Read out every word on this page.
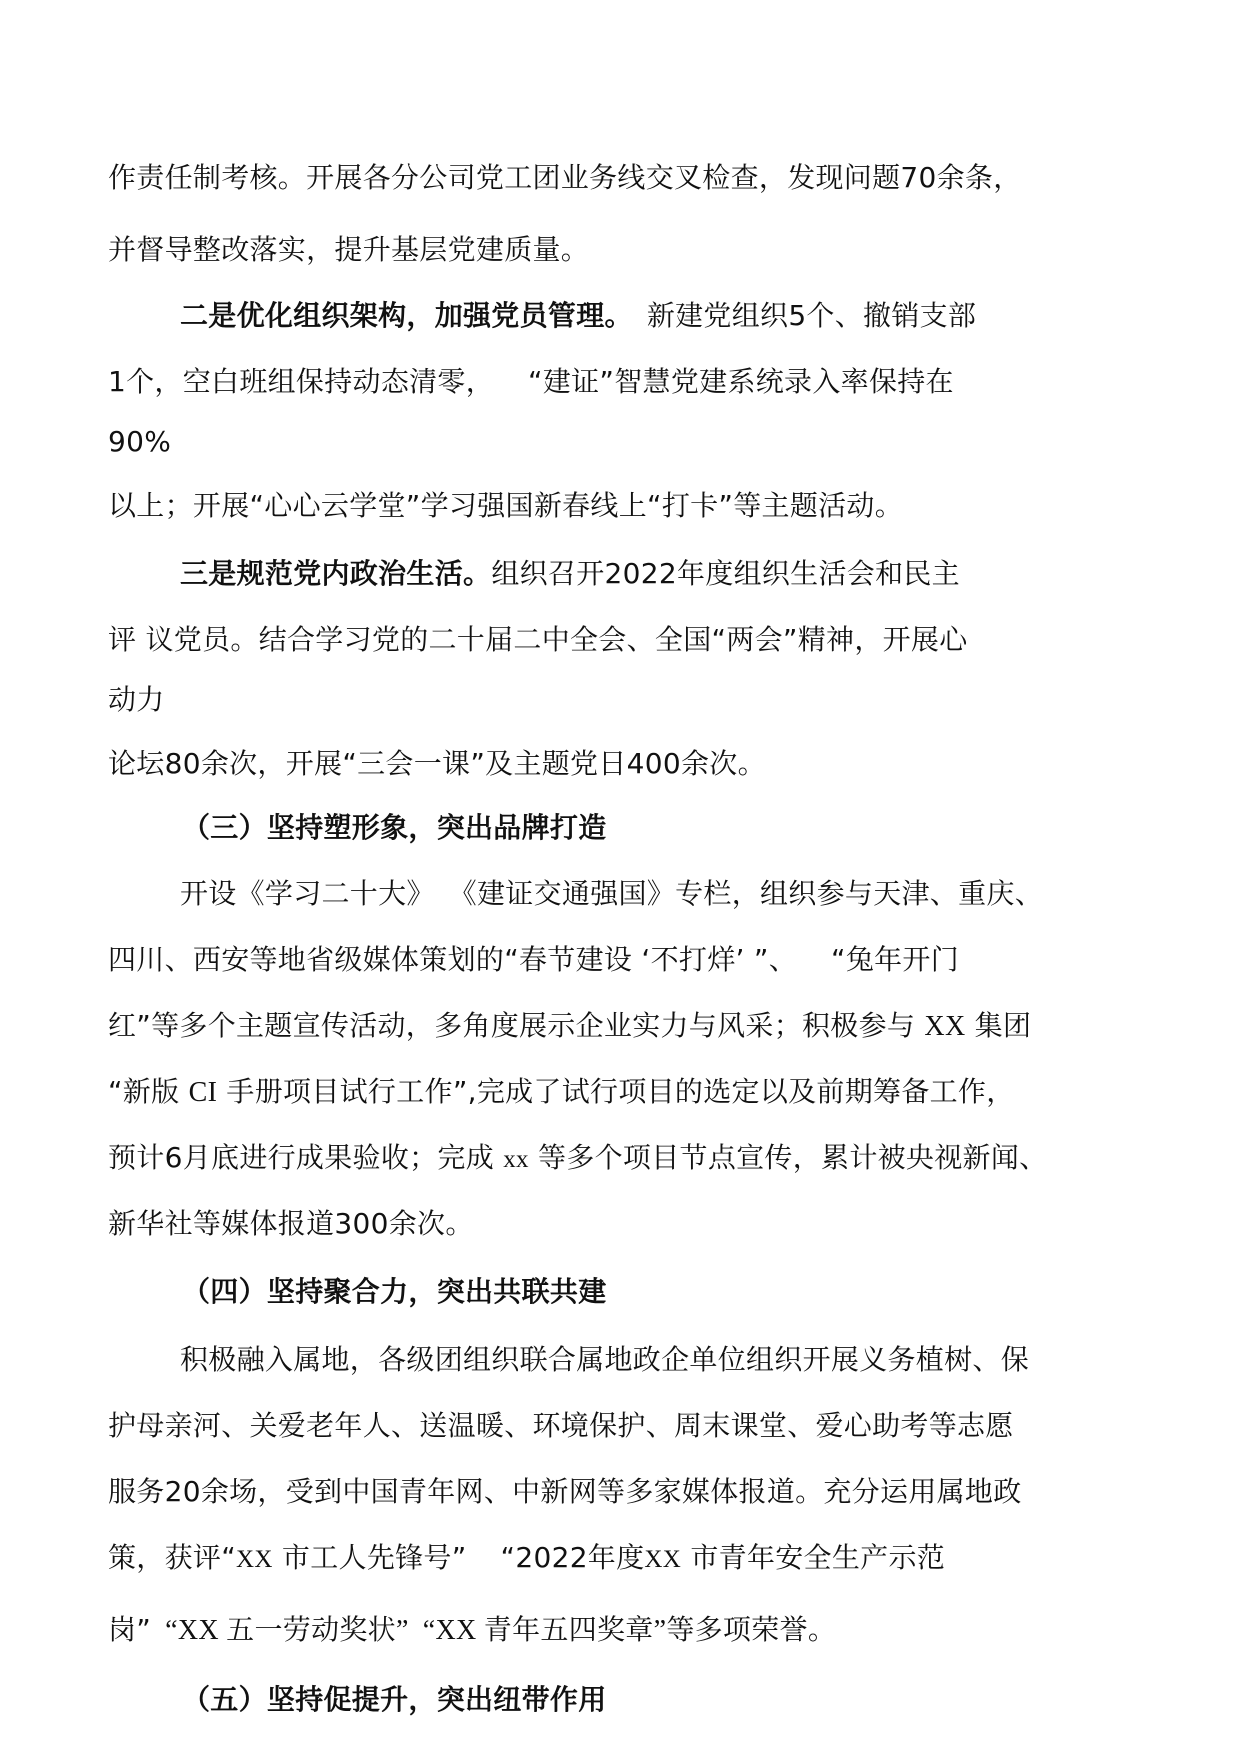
作责任制考核。开展各分公司党工团业务线交叉检查，发现问题70余条，
并督导整改落实，提升基层党建质量。
二是优化组织架构，加强党员管理。 新建党组织5个、撤销支部
1个，空白班组保持动态清零， “建证”智慧党建系统录入率保持在
90%
以上；开展“心心云学堂”学习强国新春线上“打卡”等主题活动。
三是规范党内政治生活。组织召开2022年度组织生活会和民主
评 议党员。结合学习党的二十届二中全会、全国“两会”精神，开展心
动力
论坛80余次，开展“三会一课”及主题党日400余次。
（三）坚持塑形象，突出品牌打造
开设《学习二十大》 《建证交通强国》专栏，组织参与天津、重庆、
四川、西安等地省级媒体策划的“春节建设 ‘不打烊’ ”、 “兔年开门
红”等多个主题宣传活动，多角度展示企业实力与风采；积极参与 XX 集团
“新版 CI 手册项目试行工作”,完成了试行项目的选定以及前期筹备工作，
预计6月底进行成果验收；完成 xx 等多个项目节点宣传，累计被央视新闻、
新华社等媒体报道300余次。
（四）坚持聚合力，突出共联共建
积极融入属地，各级团组织联合属地政企单位组织开展义务植树、保
护母亲河、关爱老年人、送温暖、环境保护、周末课堂、爱心助考等志愿
服务20余场，受到中国青年网、中新网等多家媒体报道。充分运用属地政
策，获评“XX 市工人先锋号” “2022年度XX 市青年安全生产示范
岗” “XX 五一劳动奖状” “XX 青年五四奖章”等多项荣誉。
（五）坚持促提升，突出纽带作用
